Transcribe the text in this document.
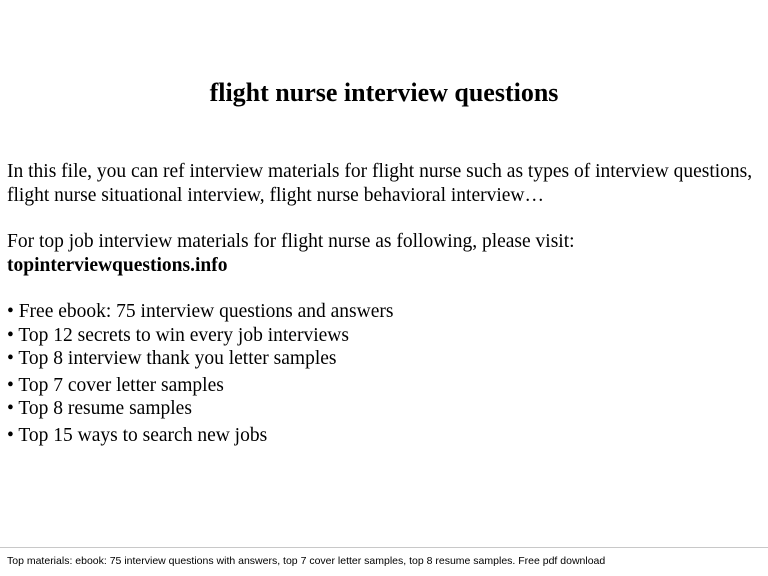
flight nurse interview questions

In this file, you can ref interview materials for flight nurse such as types of interview questions, flight nurse situational interview, flight nurse behavioral interview…

For top job interview materials for flight nurse as following, please visit:

topinterviewquestions.info
• Free ebook: 75 interview questions and answers
• Top 12 secrets to win every job interviews
• Top 8 interview thank you letter samples
• Top 7 cover letter samples
• Top 8 resume samples
• Top 15 ways to search new jobs
Top materials: ebook: 75 interview questions with answers, top 7 cover letter samples, top 8 resume samples. Free pdf download
